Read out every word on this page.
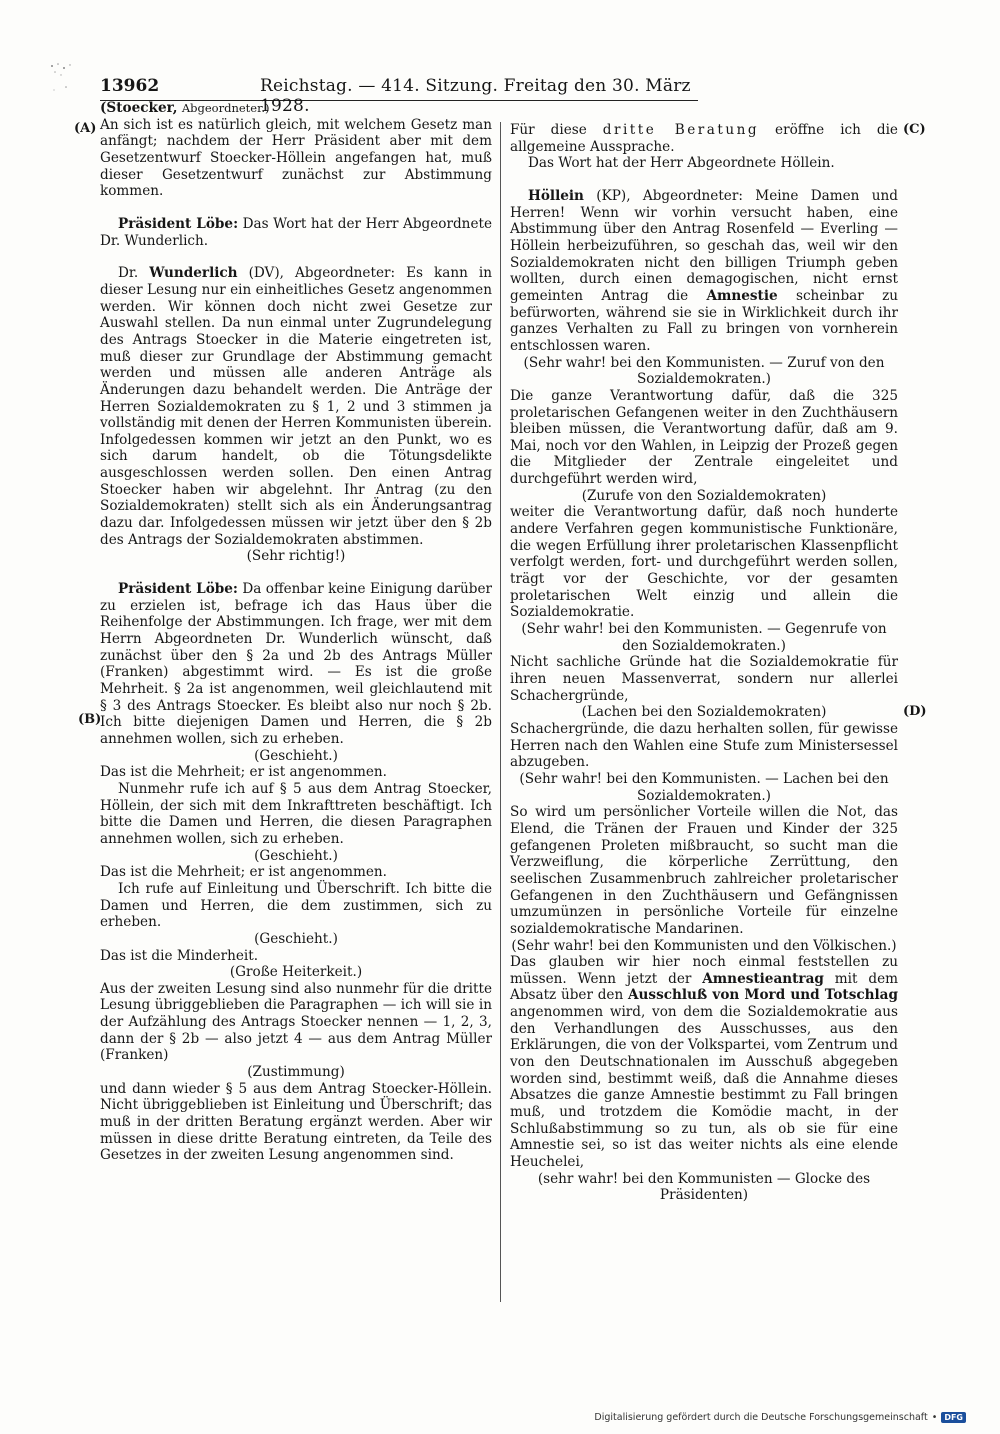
13962	Reichstag. — 414. Sitzung. Freitag den 30. März 1928.
(A)
(B)
(C)
(D)

(Stoecker, Abgeordneter.)

An sich ist es natürlich gleich, mit welchem Gesetz man anfängt; nachdem der Herr Präsident aber mit dem Gesetzentwurf Stoecker-Höllein angefangen hat, muß dieser Gesetzentwurf zunächst zur Abstimmung kommen.

Präsident Löbe: Das Wort hat der Herr Abgeordnete Dr. Wunderlich.

Dr. Wunderlich (DV), Abgeordneter: Es kann in dieser Lesung nur ein einheitliches Gesetz angenommen werden. Wir können doch nicht zwei Gesetze zur Auswahl stellen. Da nun einmal unter Zugrundelegung des Antrags Stoecker in die Materie eingetreten ist, muß dieser zur Grundlage der Abstimmung gemacht werden und müssen alle anderen Anträge als Änderungen dazu behandelt werden. Die Anträge der Herren Sozialdemokraten zu § 1, 2 und 3 stimmen ja vollständig mit denen der Herren Kommunisten überein. Infolgedessen kommen wir jetzt an den Punkt, wo es sich darum handelt, ob die Tötungsdelikte ausgeschlossen werden sollen. Den einen Antrag Stoecker haben wir abgelehnt. Ihr Antrag (zu den Sozialdemokraten) stellt sich als ein Änderungsantrag dazu dar. Infolgedessen müssen wir jetzt über den § 2b des Antrags der Sozialdemokraten abstimmen.

(Sehr richtig!)

Präsident Löbe: Da offenbar keine Einigung darüber zu erzielen ist, befrage ich das Haus über die Reihenfolge der Abstimmungen. Ich frage, wer mit dem Herrn Abgeordneten Dr. Wunderlich wünscht, daß zunächst über den § 2a und 2b des Antrags Müller (Franken) abgestimmt wird. — Es ist die große Mehrheit. § 2a ist angenommen, weil gleichlautend mit § 3 des Antrags Stoecker. Es bleibt also nur noch § 2b. Ich bitte diejenigen Damen und Herren, die § 2b annehmen wollen, sich zu erheben.

(Geschieht.)

Das ist die Mehrheit; er ist angenommen.

Nunmehr rufe ich auf § 5 aus dem Antrag Stoecker, Höllein, der sich mit dem Inkrafttreten beschäftigt. Ich bitte die Damen und Herren, die diesen Paragraphen annehmen wollen, sich zu erheben.

(Geschieht.)

Das ist die Mehrheit; er ist angenommen.

Ich rufe auf Einleitung und Überschrift. Ich bitte die Damen und Herren, die dem zustimmen, sich zu erheben.

(Geschieht.)

Das ist die Minderheit.

(Große Heiterkeit.)

Aus der zweiten Lesung sind also nunmehr für die dritte Lesung übriggeblieben die Paragraphen — ich will sie in der Aufzählung des Antrags Stoecker nennen — 1, 2, 3, dann der § 2b — also jetzt 4 — aus dem Antrag Müller (Franken)

(Zustimmung)

und dann wieder § 5 aus dem Antrag Stoecker-Höllein. Nicht übriggeblieben ist Einleitung und Überschrift; das muß in der dritten Beratung ergänzt werden. Aber wir müssen in diese dritte Beratung eintreten, da Teile des Gesetzes in der zweiten Lesung angenommen sind.

Für diese dritte Beratung eröffne ich die allgemeine Aussprache.

Das Wort hat der Herr Abgeordnete Höllein.

Höllein (KP), Abgeordneter: Meine Damen und Herren! Wenn wir vorhin versucht haben, eine Abstimmung über den Antrag Rosenfeld — Everling — Höllein herbeizuführen, so geschah das, weil wir den Sozialdemokraten nicht den billigen Triumph geben wollten, durch einen demagogischen, nicht ernst gemeinten Antrag die Amnestie scheinbar zu befürworten, während sie sie in Wirklichkeit durch ihr ganzes Verhalten zu Fall zu bringen von vornherein entschlossen waren.

(Sehr wahr! bei den Kommunisten. — Zuruf von den Sozialdemokraten.)

Die ganze Verantwortung dafür, daß die 325 proletarischen Gefangenen weiter in den Zuchthäusern bleiben müssen, die Verantwortung dafür, daß am 9. Mai, noch vor den Wahlen, in Leipzig der Prozeß gegen die Mitglieder der Zentrale eingeleitet und durchgeführt werden wird,

(Zurufe von den Sozialdemokraten)

weiter die Verantwortung dafür, daß noch hunderte andere Verfahren gegen kommunistische Funktionäre, die wegen Erfüllung ihrer proletarischen Klassenpflicht verfolgt werden, fort- und durchgeführt werden sollen, trägt vor der Geschichte, vor der gesamten proletarischen Welt einzig und allein die Sozialdemokratie.

(Sehr wahr! bei den Kommunisten. — Gegenrufe von den Sozialdemokraten.)

Nicht sachliche Gründe hat die Sozialdemokratie für ihren neuen Massenverrat, sondern nur allerlei Schachergründe,

(Lachen bei den Sozialdemokraten)

Schachergründe, die dazu herhalten sollen, für gewisse Herren nach den Wahlen eine Stufe zum Ministersessel abzugeben.

(Sehr wahr! bei den Kommunisten. — Lachen bei den Sozialdemokraten.)

So wird um persönlicher Vorteile willen die Not, das Elend, die Tränen der Frauen und Kinder der 325 gefangenen Proleten mißbraucht, so sucht man die Verzweiflung, die körperliche Zerrüttung, den seelischen Zusammenbruch zahlreicher proletarischer Gefangenen in den Zuchthäusern und Gefängnissen umzumünzen in persönliche Vorteile für einzelne sozialdemokratische Mandarinen.

(Sehr wahr! bei den Kommunisten und den Völkischen.)

Das glauben wir hier noch einmal feststellen zu müssen. Wenn jetzt der Amnestieantrag mit dem Absatz über den Ausschluß von Mord und Totschlag angenommen wird, von dem die Sozialdemokratie aus den Verhandlungen des Ausschusses, aus den Erklärungen, die von der Volkspartei, vom Zentrum und von den Deutschnationalen im Ausschuß abgegeben worden sind, bestimmt weiß, daß die Annahme dieses Absatzes die ganze Amnestie bestimmt zu Fall bringen muß, und trotzdem die Komödie macht, in der Schlußabstimmung so zu tun, als ob sie für eine Amnestie sei, so ist das weiter nichts als eine elende Heuchelei,

(sehr wahr! bei den Kommunisten — Glocke des Präsidenten)

Digitalisierung gefördert durch die Deutsche Forschungsgemeinschaft • DFG
